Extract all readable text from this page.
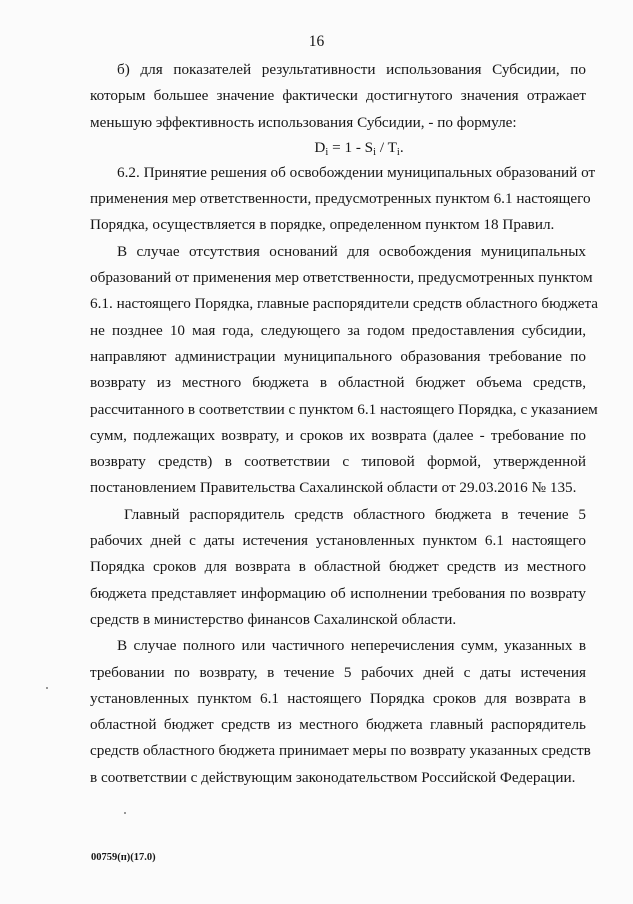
16

б) для показателей результативности использования Субсидии, по
которым большее значение фактически достигнутого значения отражает
меньшую эффективность использования Субсидии, - по формуле:

$D_i = 1 - S_i / T_i$.

6.2. Принятие решения об освобождении муниципальных образований от
применения мер ответственности, предусмотренных пунктом 6.1 настоящего
Порядка, осуществляется в порядке, определенном пунктом 18 Правил.

В случае отсутствия оснований для освобождения муниципальных
образований от применения мер ответственности, предусмотренных пунктом
6.1. настоящего Порядка, главные распорядители средств областного бюджета
не позднее 10 мая года, следующего за годом предоставления субсидии,
направляют администрации муниципального образования требование по
возврату из местного бюджета в областной бюджет объема средств,
рассчитанного в соответствии с пунктом 6.1 настоящего Порядка, с указанием
сумм, подлежащих возврату, и сроков их возврата (далее - требование по
возврату средств) в соответствии с типовой формой, утвержденной
постановлением Правительства Сахалинской области от 29.03.2016 № 135.

Главный распорядитель средств областного бюджета в течение 5
рабочих дней с даты истечения установленных пунктом 6.1 настоящего
Порядка сроков для возврата в областной бюджет средств из местного
бюджета представляет информацию об исполнении требования по возврату
средств в министерство финансов Сахалинской области.

В случае полного или частичного неперечисления сумм, указанных в
требовании по возврату, в течение 5 рабочих дней с даты истечения
установленных пунктом 6.1 настоящего Порядка сроков для возврата в
областной бюджет средств из местного бюджета главный распорядитель
средств областного бюджета принимает меры по возврату указанных средств
в соответствии с действующим законодательством Российской Федерации.

00759(п)(17.0)
